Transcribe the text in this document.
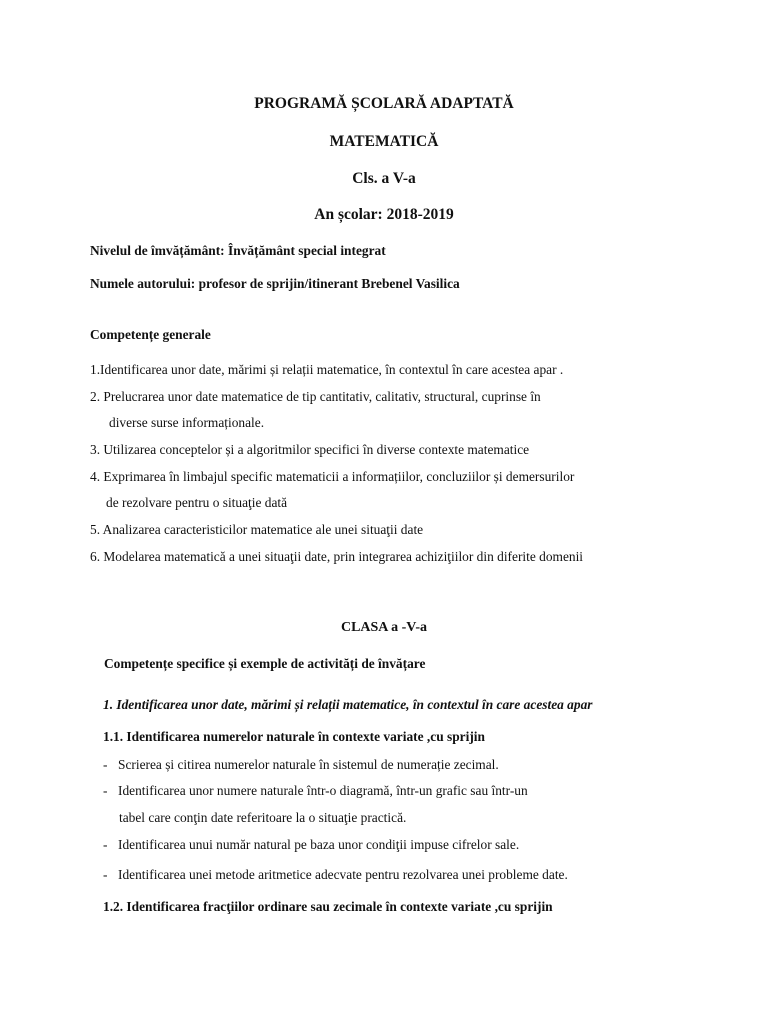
PROGRAMĂ ȘCOLARĂ ADAPTATĂ
MATEMATICĂ
Cls. a V-a
An școlar: 2018-2019
Nivelul de îmvățământ: Învățământ special integrat
Numele autorului: profesor de sprijin/itinerant Brebenel Vasilica
Competențe generale
1.Identificarea unor date, mărimi și relații matematice, în contextul în care acestea apar .
2. Prelucrarea unor date matematice de tip cantitativ, calitativ, structural, cuprinse în
diverse surse informaționale.
3. Utilizarea conceptelor și a algoritmilor specifici în diverse contexte matematice
4. Exprimarea în limbajul specific matematicii a informațiilor, concluziilor și demersurilor
de rezolvare pentru o situaţie dată
5. Analizarea caracteristicilor matematice ale unei situaţii date
6. Modelarea matematică a unei situaţii date, prin integrarea achiziţiilor din diferite domenii
CLASA a -V-a
Competențe specifice și exemple de activități de învățare
1. Identificarea unor date, mărimi și relații matematice, în contextul în care acestea apar
1.1. Identificarea numerelor naturale în contexte variate ,cu sprijin
- Scrierea și citirea numerelor naturale în sistemul de numerație zecimal.
- Identificarea unor numere naturale într-o diagramă, într-un grafic sau într-un
tabel care conţin date referitoare la o situaţie practică.
- Identificarea unui număr natural pe baza unor condiţii impuse cifrelor sale.
- Identificarea unei metode aritmetice adecvate pentru rezolvarea unei probleme date.
1.2. Identificarea fracţiilor ordinare sau zecimale în contexte variate ,cu sprijin
